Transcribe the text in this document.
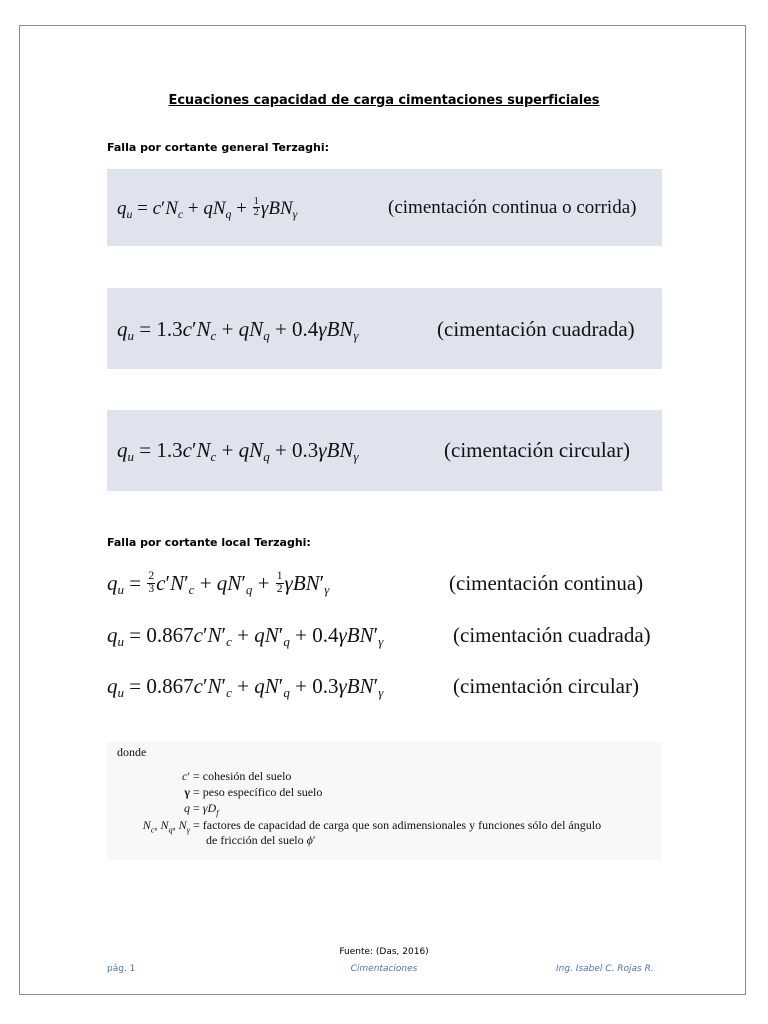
Ecuaciones capacidad de carga cimentaciones superficiales
Falla por cortante general Terzaghi:
$q_u = c'N_c + qN_q + \frac{1}{2} \gamma BN_\gamma$	(cimentación continua o corrida)
$q_u = 1.3c'N_c + qN_q + 0.4\gamma BN_\gamma$	(cimentación cuadrada)
$q_u = 1.3c'N_c + qN_q + 0.3\gamma BN_\gamma$	(cimentación circular)
Falla por cortante local Terzaghi:
$q_u = \frac{2}{3} c'N'_c + qN'_q + \frac{1}{2} \gamma BN'_\gamma$	(cimentación continua)
$q_u = 0.867c'N'_c + qN'_q + 0.4\gamma BN'_\gamma$	(cimentación cuadrada)
$q_u = 0.867c'N'_c + qN'_q + 0.3\gamma BN'_\gamma$	(cimentación circular)
donde
c′ = cohesión del suelo
γ = peso específico del suelo
$q = \gamma D_f$
$N_c$, $N_q$, $N_\gamma$ = factores de capacidad de carga que son adimensionales y funciones sólo del ángulo
de fricción del suelo ϕ′
Fuente: (Das, 2016)
pág. 1	Cimentaciones	Ing. Isabel C. Rojas R.
